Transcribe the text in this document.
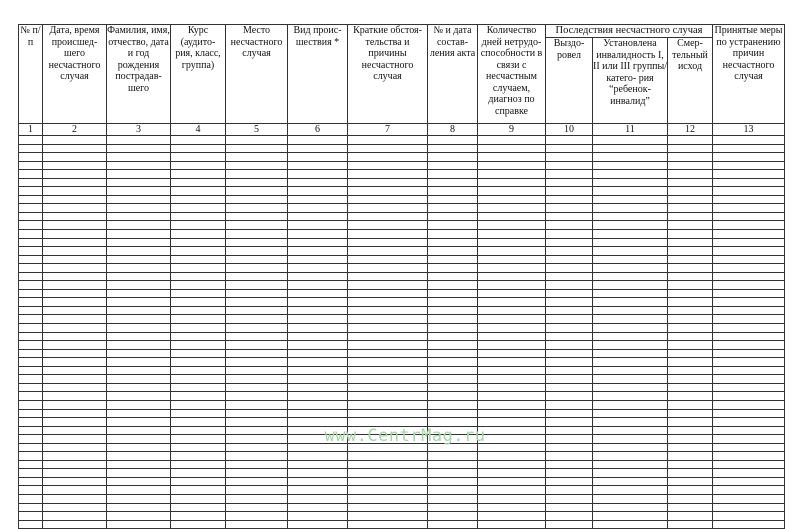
№ п/п	Дата, время происшед- шего несчастного случая	Фамилия, имя, отчество, дата и год рождения пострадав- шего	Курс (аудито- рия, класс, группа)	Место несчастного случая	Вид проис- шествия *	Краткие обстоя- тельства и причины несчастного случая	№ и дата состав- ления акта	Количество дней нетрудо- способности в связи с несчастным случаем, диагноз по справке	Последствия несчастного случая			Принятые меры по устранению причин несчастного случая
									Выздо- ровел	Установлена инвалидность I, II или III группы/катего- рия “ребенок- инвалид”	Смер- тельный исход	
1	2	3	4	5	6	7	8	9	10	11	12	13

www.CentrMag.ru
